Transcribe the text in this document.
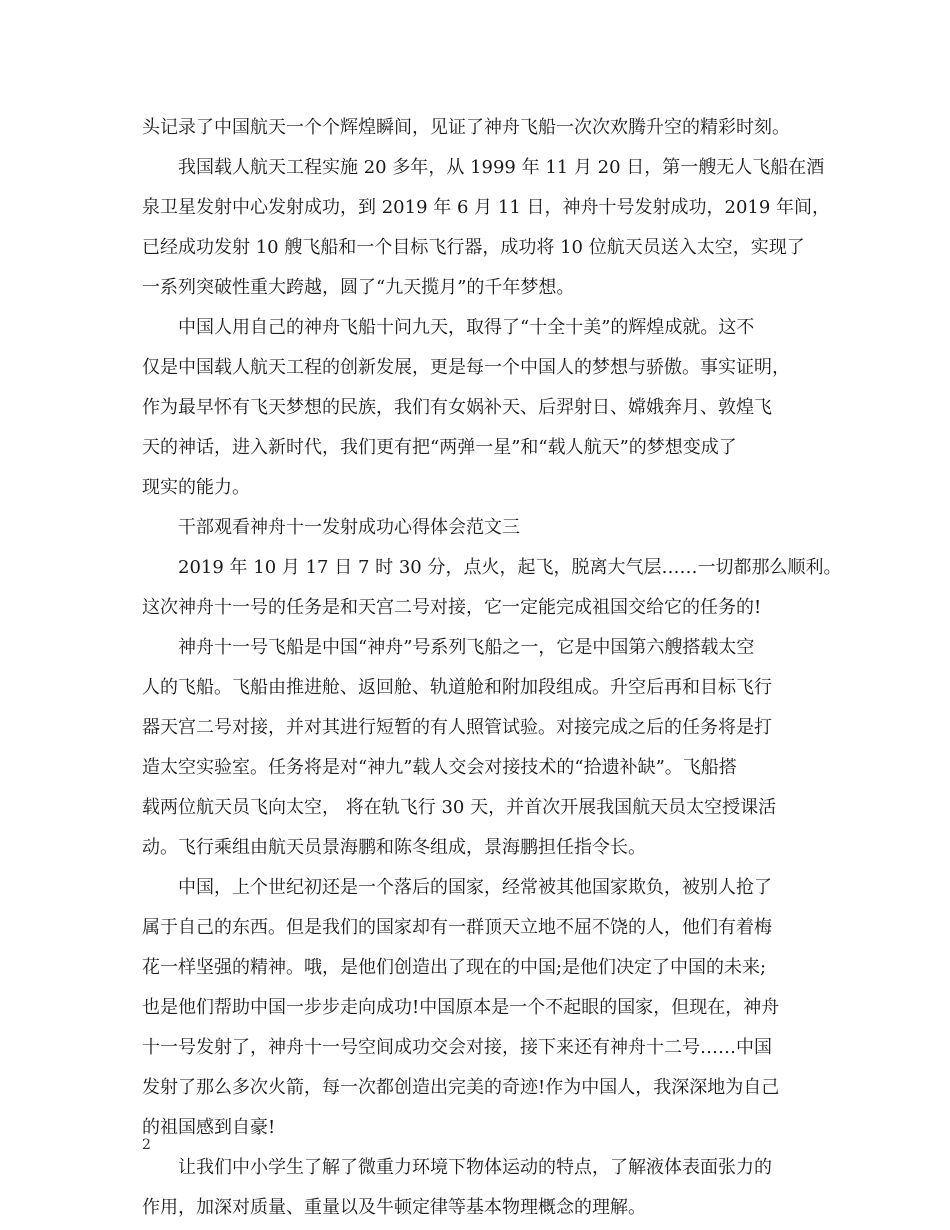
头记录了中国航天一个个辉煌瞬间，见证了神舟飞船一次次欢腾升空的精彩时刻。
我国载人航天工程实施 20 多年，从 1999 年 11 月 20 日，第一艘无人飞船在酒
泉卫星发射中心发射成功，到 2019 年 6 月 11 日，神舟十号发射成功，2019 年间，
已经成功发射 10 艘飞船和一个目标飞行器，成功将 10 位航天员送入太空，实现了
一系列突破性重大跨越，圆了“九天揽月”的千年梦想。
中国人用自己的神舟飞船十问九天，取得了“十全十美”的辉煌成就。这不
仅是中国载人航天工程的创新发展，更是每一个中国人的梦想与骄傲。事实证明，
作为最早怀有飞天梦想的民族，我们有女娲补天、后羿射日、嫦娥奔月、敦煌飞
天的神话，进入新时代，我们更有把“两弹一星”和“载人航天”的梦想变成了
现实的能力。
干部观看神舟十一发射成功心得体会范文三
2019 年 10 月 17 日 7 时 30 分，点火，起飞，脱离大气层……一切都那么顺利。
这次神舟十一号的任务是和天宫二号对接，它一定能完成祖国交给它的任务的!
神舟十一号飞船是中国“神舟”号系列飞船之一，它是中国第六艘搭载太空
人的飞船。飞船由推进舱、返回舱、轨道舱和附加段组成。升空后再和目标飞行
器天宫二号对接，并对其进行短暂的有人照管试验。对接完成之后的任务将是打
造太空实验室。任务将是对“神九”载人交会对接技术的“拾遗补缺”。飞船搭
载两位航天员飞向太空， 将在轨飞行 30 天，并首次开展我国航天员太空授课活
动。飞行乘组由航天员景海鹏和陈冬组成，景海鹏担任指令长。
中国，上个世纪初还是一个落后的国家，经常被其他国家欺负，被别人抢了
属于自己的东西。但是我们的国家却有一群顶天立地不屈不饶的人，他们有着梅
花一样坚强的精神。哦，是他们创造出了现在的中国;是他们决定了中国的未来;
也是他们帮助中国一步步走向成功!中国原本是一个不起眼的国家，但现在，神舟
十一号发射了，神舟十一号空间成功交会对接，接下来还有神舟十二号……中国
发射了那么多次火箭，每一次都创造出完美的奇迹!作为中国人，我深深地为自己
的祖国感到自豪!
让我们中小学生了解了微重力环境下物体运动的特点，了解液体表面张力的
作用，加深对质量、重量以及牛顿定律等基本物理概念的理解。
2
